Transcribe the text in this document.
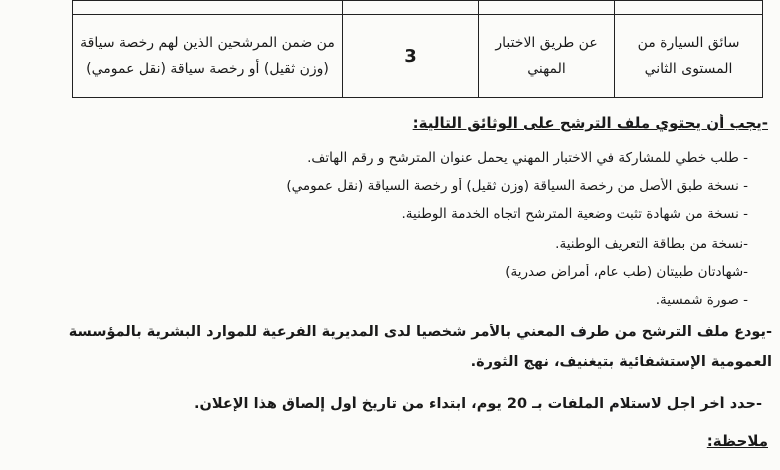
من ضمن المرشحين الذين لهم رخصة سياقة (وزن ثقيل) أو رخصة سياقة (نقل عمومي)	3	عن طريق الاختبار المهني	سائق السيارة من المستوى الثاني
-يجب أن يحتوي ملف الترشح على الوثائق التالية:
- طلب خطي للمشاركة في الاختبار المهني يحمل عنوان المترشح و رقم الهاتف.
- نسخة طبق الأصل من رخصة السياقة (وزن ثقيل) أو رخصة السياقة (نقل عمومي)
- نسخة من شهادة تثبت وضعية المترشح اتجاه الخدمة الوطنية.
-نسخة من بطاقة التعريف الوطنية.
-شهادتان طبيتان (طب عام، أمراض صدرية)
- صورة شمسية.
-يودع ملف الترشح من طرف المعني بالأمر شخصيا لدى المديرية الفرعية للموارد البشرية بالمؤسسة
العمومية الإستشفائية بتيغنيف، نهج الثورة.
-حدد أخر أجل لاستلام الملفات بـ 20 يوم، ابتداء من تاريخ أول إلصاق هذا الإعلان.
ملاحظة:
